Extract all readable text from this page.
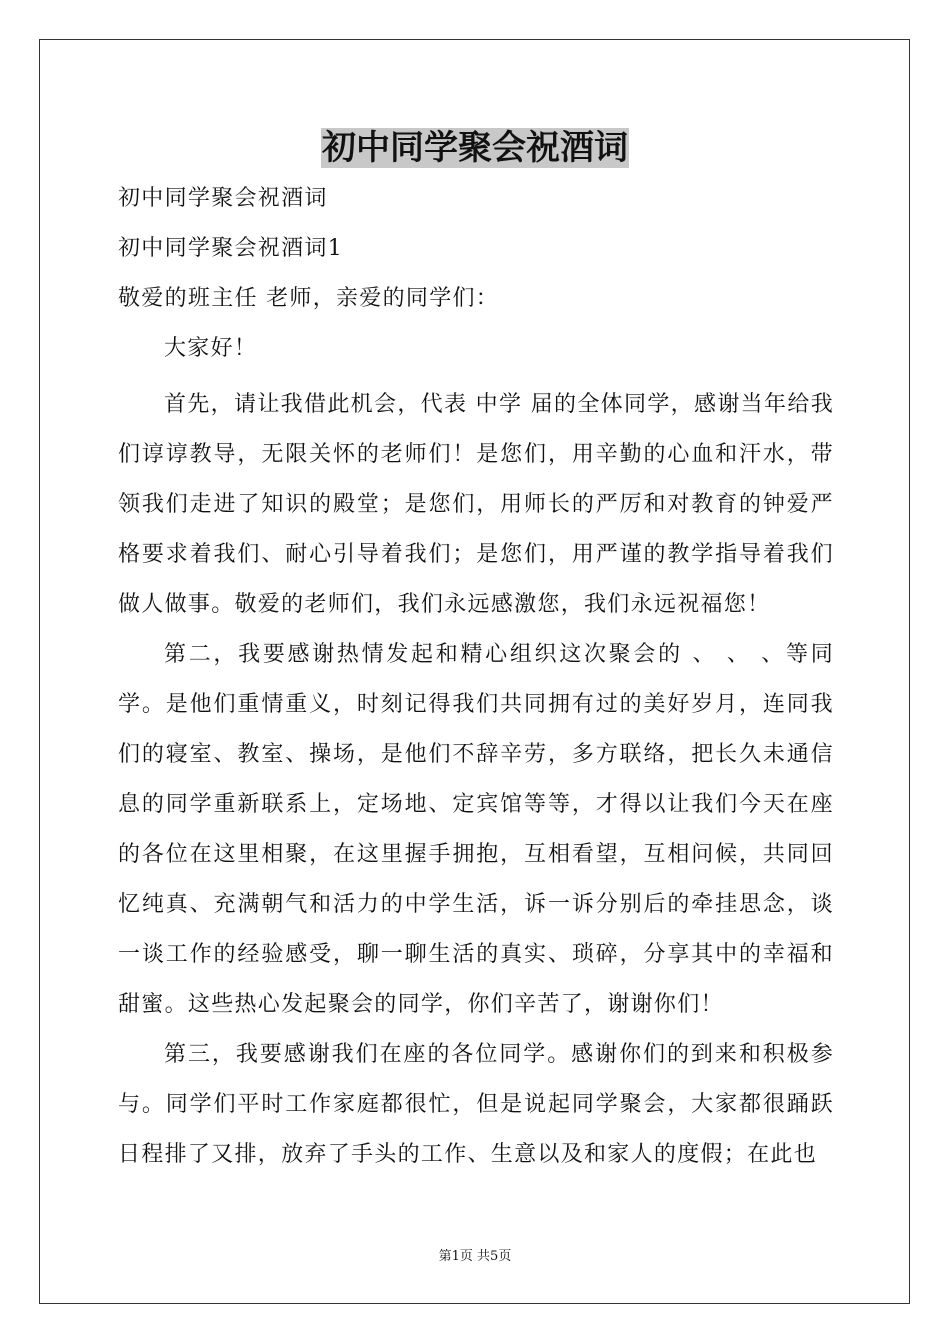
初中同学聚会祝酒词
初中同学聚会祝酒词
初中同学聚会祝酒词1
敬爱的班主任 老师，亲爱的同学们：
大家好！

首先，请让我借此机会，代表 中学 届的全体同学，感谢当年给我们谆谆教导，无限关怀的老师们！是您们，用辛勤的心血和汗水，带领我们走进了知识的殿堂；是您们，用师长的严厉和对教育的钟爱严格要求着我们、耐心引导着我们；是您们，用严谨的教学指导着我们做人做事。敬爱的老师们，我们永远感激您，我们永远祝福您！

第二，我要感谢热情发起和精心组织这次聚会的 、 、 、等同学。是他们重情重义，时刻记得我们共同拥有过的美好岁月，连同我们的寝室、教室、操场，是他们不辞辛劳，多方联络，把长久未通信息的同学重新联系上，定场地、定宾馆等等，才得以让我们今天在座的各位在这里相聚，在这里握手拥抱，互相看望，互相问候，共同回忆纯真、充满朝气和活力的中学生活，诉一诉分别后的牵挂思念，谈一谈工作的经验感受，聊一聊生活的真实、琐碎，分享其中的幸福和甜蜜。这些热心发起聚会的同学，你们辛苦了，谢谢你们！

第三，我要感谢我们在座的各位同学。感谢你们的到来和积极参与。同学们平时工作家庭都很忙，但是说起同学聚会，大家都很踊跃日程排了又排，放弃了手头的工作、生意以及和家人的度假；在此也

第1页 共5页
